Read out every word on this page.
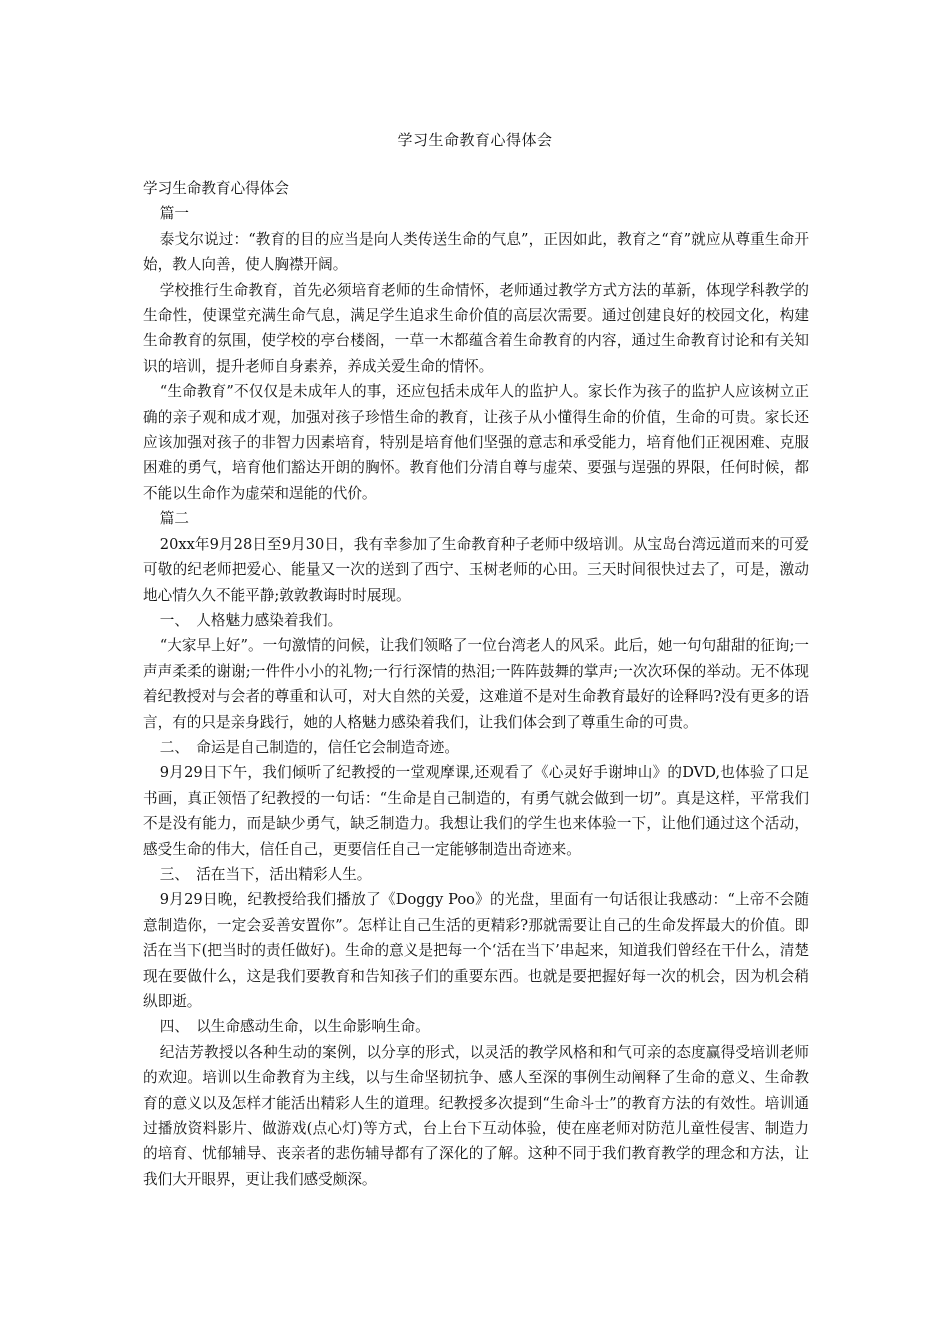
学习生命教育心得体会

学习生命教育心得体会

篇一

泰戈尔说过：“教育的目的应当是向人类传送生命的气息”，正因如此，教育之“育”就应从尊重生命开始，教人向善，使人胸襟开阔。

学校推行生命教育，首先必须培育老师的生命情怀，老师通过教学方式方法的革新，体现学科教学的生命性，使课堂充满生命气息，满足学生追求生命价值的高层次需要。通过创建良好的校园文化，构建生命教育的氛围，使学校的亭台楼阁，一草一木都蕴含着生命教育的内容，通过生命教育讨论和有关知识的培训，提升老师自身素养，养成关爱生命的情怀。

“生命教育”不仅仅是未成年人的事，还应包括未成年人的监护人。家长作为孩子的监护人应该树立正确的亲子观和成才观，加强对孩子珍惜生命的教育，让孩子从小懂得生命的价值，生命的可贵。家长还应该加强对孩子的非智力因素培育，特别是培育他们坚强的意志和承受能力，培育他们正视困难、克服困难的勇气，培育他们豁达开朗的胸怀。教育他们分清自尊与虚荣、要强与逞强的界限，任何时候，都不能以生命作为虚荣和逞能的代价。

篇二

20xx年9月28日至9月30日，我有幸参加了生命教育种子老师中级培训。从宝岛台湾远道而来的可爱可敬的纪老师把爱心、能量又一次的送到了西宁、玉树老师的心田。三天时间很快过去了，可是，激动地心情久久不能平静;敦敦教诲时时展现。

一、　人格魅力感染着我们。

“大家早上好”。一句激情的问候，让我们领略了一位台湾老人的风采。此后，她一句句甜甜的征询;一声声柔柔的谢谢;一件件小小的礼物;一行行深情的热泪;一阵阵鼓舞的掌声;一次次环保的举动。无不体现着纪教授对与会者的尊重和认可，对大自然的关爱，这难道不是对生命教育最好的诠释吗?没有更多的语言，有的只是亲身践行，她的人格魅力感染着我们，让我们体会到了尊重生命的可贵。

二、　命运是自己制造的，信任它会制造奇迹。

9月29日下午，我们倾听了纪教授的一堂观摩课,还观看了《心灵好手谢坤山》的DVD,也体验了口足书画，真正领悟了纪教授的一句话：“生命是自己制造的，有勇气就会做到一切”。真是这样，平常我们不是没有能力，而是缺少勇气，缺乏制造力。我想让我们的学生也来体验一下，让他们通过这个活动，感受生命的伟大，信任自己，更要信任自己一定能够制造出奇迹来。

三、　活在当下，活出精彩人生。

9月29日晚，纪教授给我们播放了《Doggy Poo》的光盘，里面有一句话很让我感动：“上帝不会随意制造你，一定会妥善安置你”。怎样让自己生活的更精彩?那就需要让自己的生命发挥最大的价值。即活在当下(把当时的责任做好)。生命的意义是把每一个‘活在当下’串起来，知道我们曾经在干什么，清楚现在要做什么，这是我们要教育和告知孩子们的重要东西。也就是要把握好每一次的机会，因为机会稍纵即逝。

四、　以生命感动生命，以生命影响生命。

纪洁芳教授以各种生动的案例，以分享的形式，以灵活的教学风格和和气可亲的态度赢得受培训老师的欢迎。培训以生命教育为主线，以与生命坚韧抗争、感人至深的事例生动阐释了生命的意义、生命教育的意义以及怎样才能活出精彩人生的道理。纪教授多次提到“生命斗士”的教育方法的有效性。培训通过播放资料影片、做游戏(点心灯)等方式，台上台下互动体验，使在座老师对防范儿童性侵害、制造力的培育、忧郁辅导、丧亲者的悲伤辅导都有了深化的了解。这种不同于我们教育教学的理念和方法，让我们大开眼界，更让我们感受颇深。
